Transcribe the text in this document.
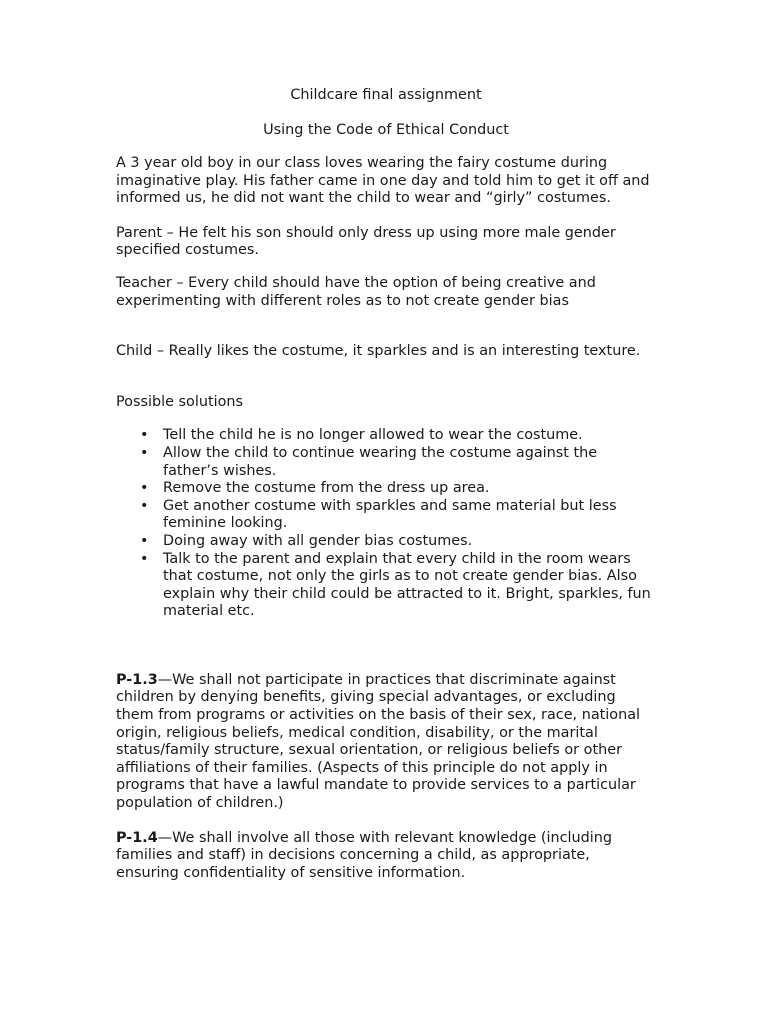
Childcare final assignment

Using the Code of Ethical Conduct

A 3 year old boy in our class loves wearing the fairy costume during imaginative play. His father came in one day and told him to get it off and informed us, he did not want the child to wear and “girly” costumes.

Parent – He felt his son should only dress up using more male gender specified costumes.

Teacher – Every child should have the option of being creative and experimenting with different roles as to not create gender bias

Child – Really likes the costume, it sparkles and is an interesting texture.

Possible solutions

• Tell the child he is no longer allowed to wear the costume.
• Allow the child to continue wearing the costume against the father’s wishes.
• Remove the costume from the dress up area.
• Get another costume with sparkles and same material but less feminine looking.
• Doing away with all gender bias costumes.
• Talk to the parent and explain that every child in the room wears that costume, not only the girls as to not create gender bias. Also explain why their child could be attracted to it. Bright, sparkles, fun material etc.

P-1.3—We shall not participate in practices that discriminate against children by denying benefits, giving special advantages, or excluding them from programs or activities on the basis of their sex, race, national origin, religious beliefs, medical condition, disability, or the marital status/family structure, sexual orientation, or religious beliefs or other affiliations of their families. (Aspects of this principle do not apply in programs that have a lawful mandate to provide services to a particular population of children.)

P-1.4—We shall involve all those with relevant knowledge (including families and staff) in decisions concerning a child, as appropriate, ensuring confidentiality of sensitive information.
